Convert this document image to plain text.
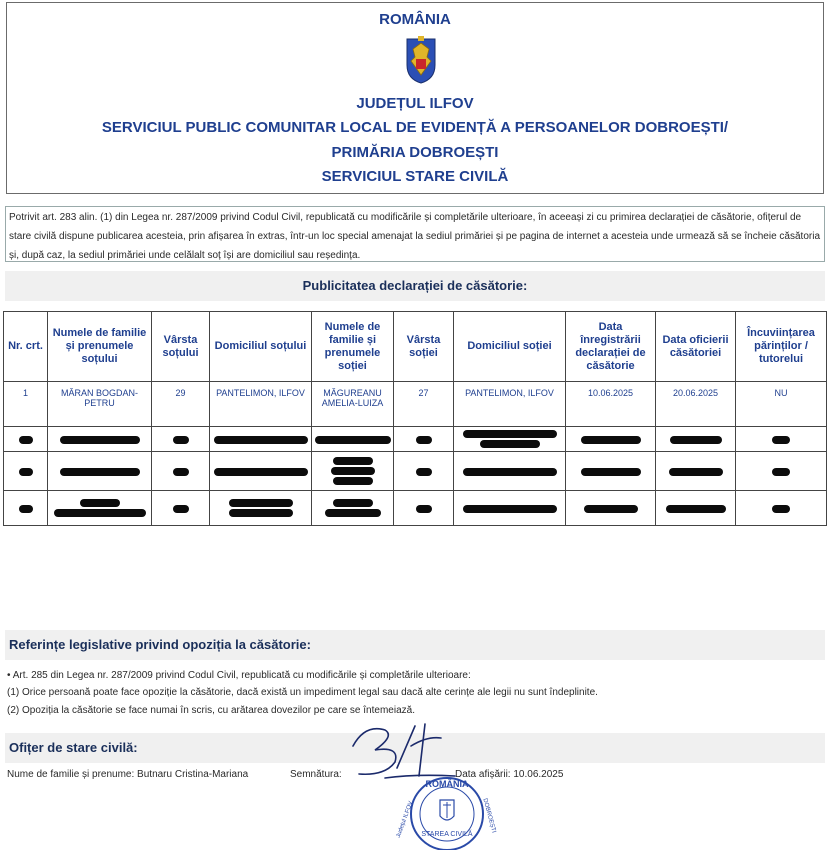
ROMÂNIA
JUDEȚUL ILFOV
SERVICIUL PUBLIC COMUNITAR LOCAL DE EVIDENȚĂ A PERSOANELOR DOBROEȘTI/
PRIMĂRIA DOBROEȘTI
SERVICIUL STARE CIVILĂ
Potrivit art. 283 alin. (1) din Legea nr. 287/2009 privind Codul Civil, republicată cu modificările și completările ulterioare, în aceeași zi cu primirea declarației de căsătorie, ofițerul de stare civilă dispune publicarea acesteia, prin afișarea în extras, într-un loc special amenajat la sediul primăriei și pe pagina de internet a acesteia unde urmează să se încheie căsătoria și, după caz, la sediul primăriei unde celălalt soț își are domiciliul sau reședința.
Publicitatea declarației de căsătorie:
Nr. crt.	Numele de familie și prenumele soțului	Vârsta soțului	Domiciliul soțului	Numele de familie și prenumele soției	Vârsta soției	Domiciliul soției	Data înregistrării declarației de căsătorie	Data oficierii căsătoriei	Încuviințarea părinților / tutorelui
1	MĂRAN BOGDAN-PETRU	29	PANTELIMON, ILFOV	MĂGUREANU AMELIA-LUIZA	27	PANTELIMON, ILFOV	10.06.2025	20.06.2025	NU

Referințe legislative privind opoziția la căsătorie:
• Art. 285 din Legea nr. 287/2009 privind Codul Civil, republicată cu modificările și completările ulterioare:
(1) Orice persoană poate face opoziție la căsătorie, dacă există un impediment legal sau dacă alte cerințe ale legii nu sunt îndeplinite.
(2) Opoziția la căsătorie se face numai în scris, cu arătarea dovezilor pe care se întemeiază.
Ofițer de stare civilă:
Nume de familie și prenume: Butnaru Cristina-Mariana	Semnătura:	Data afișării: 10.06.2025
ROMÂNIA
STAREA CIVILĂ
Județul ILFOV	DOBROEȘTI
